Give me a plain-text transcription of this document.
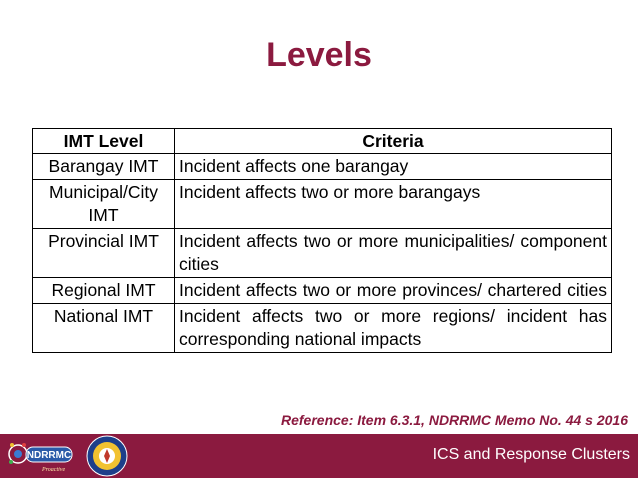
Levels
IMT Level	Criteria
Barangay IMT	Incident affects one barangay
Municipal/City IMT	Incident affects two or more barangays
Provincial IMT	Incident affects two or more municipalities/ component cities
Regional IMT	Incident affects two or more provinces/ chartered cities
National IMT	Incident affects two or more regions/ incident has corresponding national impacts
Reference: Item 6.3.1, NDRRMC Memo No. 44 s 2016
NDRRMC
Proactive
ICS and Response Clusters
